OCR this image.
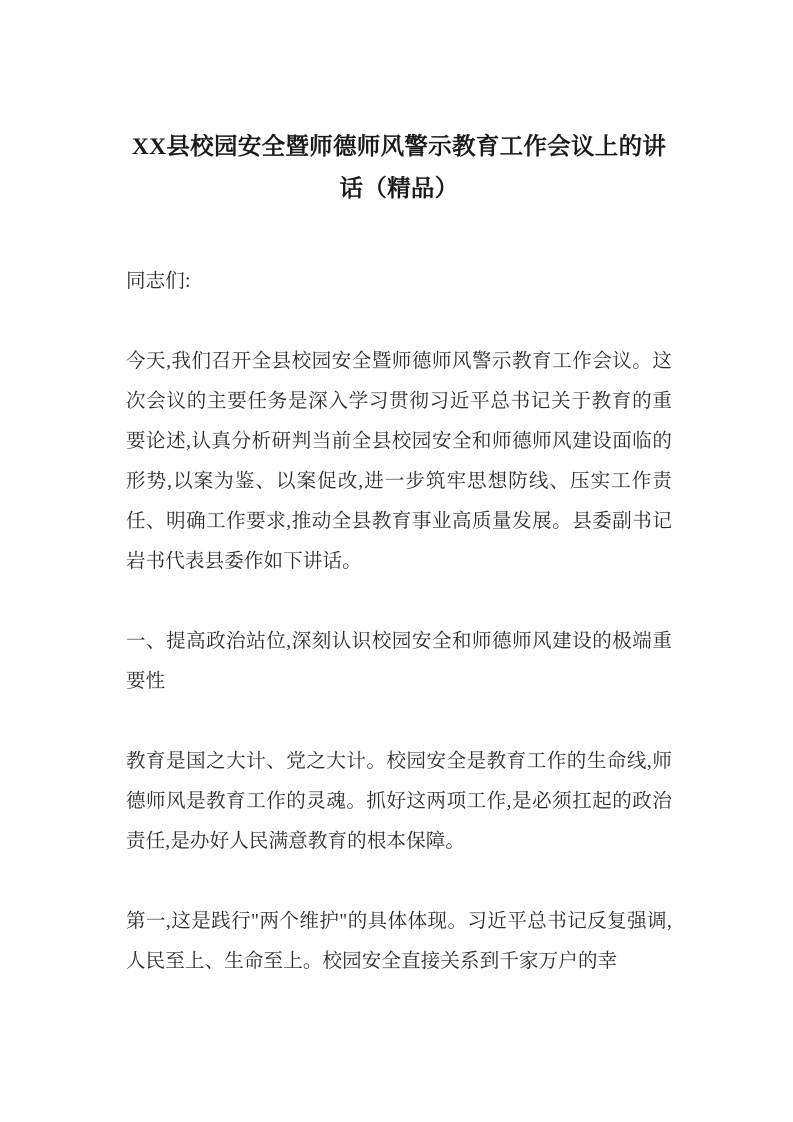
XX县校园安全暨师德师风警示教育工作会议上的讲话（精品）

同志们:

今天,我们召开全县校园安全暨师德师风警示教育工作会议。这次会议的主要任务是深入学习贯彻习近平总书记关于教育的重要论述,认真分析研判当前全县校园安全和师德师风建设面临的形势,以案为鉴、以案促改,进一步筑牢思想防线、压实工作责任、明确工作要求,推动全县教育事业高质量发展。县委副书记岩书代表县委作如下讲话。

一、提高政治站位,深刻认识校园安全和师德师风建设的极端重要性

教育是国之大计、党之大计。校园安全是教育工作的生命线,师德师风是教育工作的灵魂。抓好这两项工作,是必须扛起的政治责任,是办好人民满意教育的根本保障。

第一,这是践行"两个维护"的具体体现。习近平总书记反复强调,人民至上、生命至上。校园安全直接关系到千家万户的幸
